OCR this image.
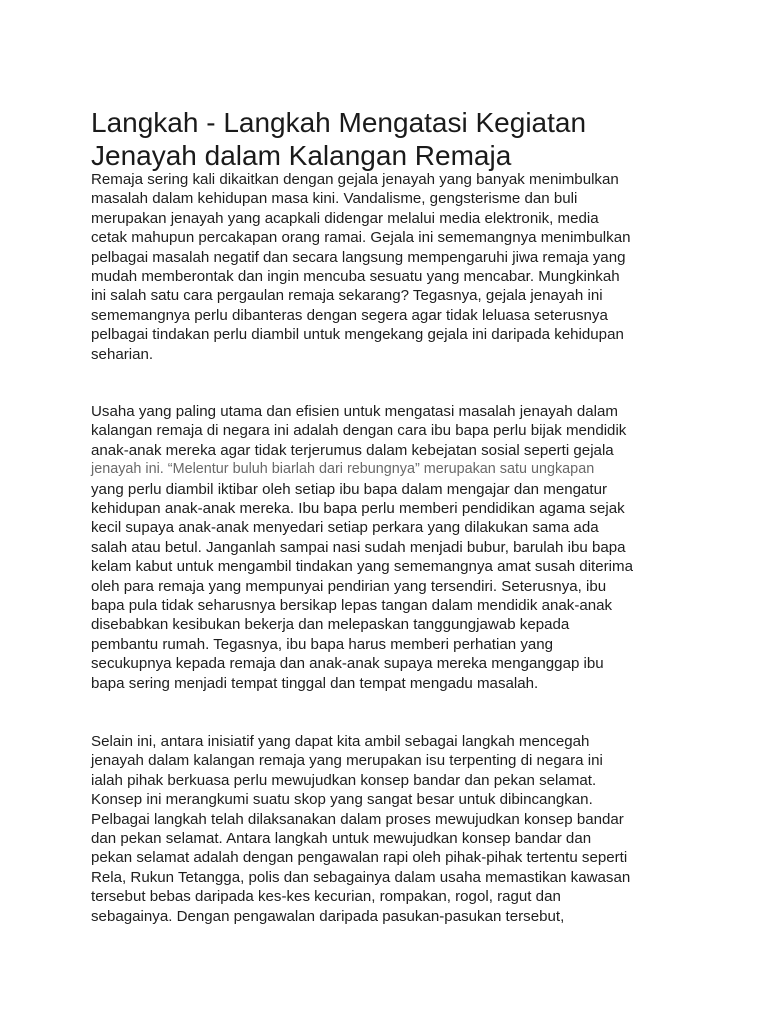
Langkah - Langkah Mengatasi Kegiatan
Jenayah dalam Kalangan Remaja
Remaja sering kali dikaitkan dengan gejala jenayah yang banyak menimbulkan
masalah dalam kehidupan masa kini. Vandalisme, gengsterisme dan buli
merupakan jenayah yang acapkali didengar melalui media elektronik, media
cetak mahupun percakapan orang ramai. Gejala ini sememangnya menimbulkan
pelbagai masalah negatif dan secara langsung mempengaruhi jiwa remaja yang
mudah memberontak dan ingin mencuba sesuatu yang mencabar. Mungkinkah
ini salah satu cara pergaulan remaja sekarang? Tegasnya, gejala jenayah ini
sememangnya perlu dibanteras dengan segera agar tidak leluasa seterusnya
pelbagai tindakan perlu diambil untuk mengekang gejala ini daripada kehidupan
seharian.
Usaha yang paling utama dan efisien untuk mengatasi masalah jenayah dalam
kalangan remaja di negara ini adalah dengan cara ibu bapa perlu bijak mendidik
anak-anak mereka agar tidak terjerumus dalam kebejatan sosial seperti gejala
jenayah ini. “Melentur buluh biarlah dari rebungnya” merupakan satu ungkapan
yang perlu diambil iktibar oleh setiap ibu bapa dalam mengajar dan mengatur
kehidupan anak-anak mereka. Ibu bapa perlu memberi pendidikan agama sejak
kecil supaya anak-anak menyedari setiap perkara yang dilakukan sama ada
salah atau betul. Janganlah sampai nasi sudah menjadi bubur, barulah ibu bapa
kelam kabut untuk mengambil tindakan yang sememangnya amat susah diterima
oleh para remaja yang mempunyai pendirian yang tersendiri. Seterusnya, ibu
bapa pula tidak seharusnya bersikap lepas tangan dalam mendidik anak-anak
disebabkan kesibukan bekerja dan melepaskan tanggungjawab kepada
pembantu rumah. Tegasnya, ibu bapa harus memberi perhatian yang
secukupnya kepada remaja dan anak-anak supaya mereka menganggap ibu
bapa sering menjadi tempat tinggal dan tempat mengadu masalah.
Selain ini, antara inisiatif yang dapat kita ambil sebagai langkah mencegah
jenayah dalam kalangan remaja yang merupakan isu terpenting di negara ini
ialah pihak berkuasa perlu mewujudkan konsep bandar dan pekan selamat.
Konsep ini merangkumi suatu skop yang sangat besar untuk dibincangkan.
Pelbagai langkah telah dilaksanakan dalam proses mewujudkan konsep bandar
dan pekan selamat. Antara langkah untuk mewujudkan konsep bandar dan
pekan selamat adalah dengan pengawalan rapi oleh pihak-pihak tertentu seperti
Rela, Rukun Tetangga, polis dan sebagainya dalam usaha memastikan kawasan
tersebut bebas daripada kes-kes kecurian, rompakan, rogol, ragut dan
sebagainya. Dengan pengawalan daripada pasukan-pasukan tersebut,
